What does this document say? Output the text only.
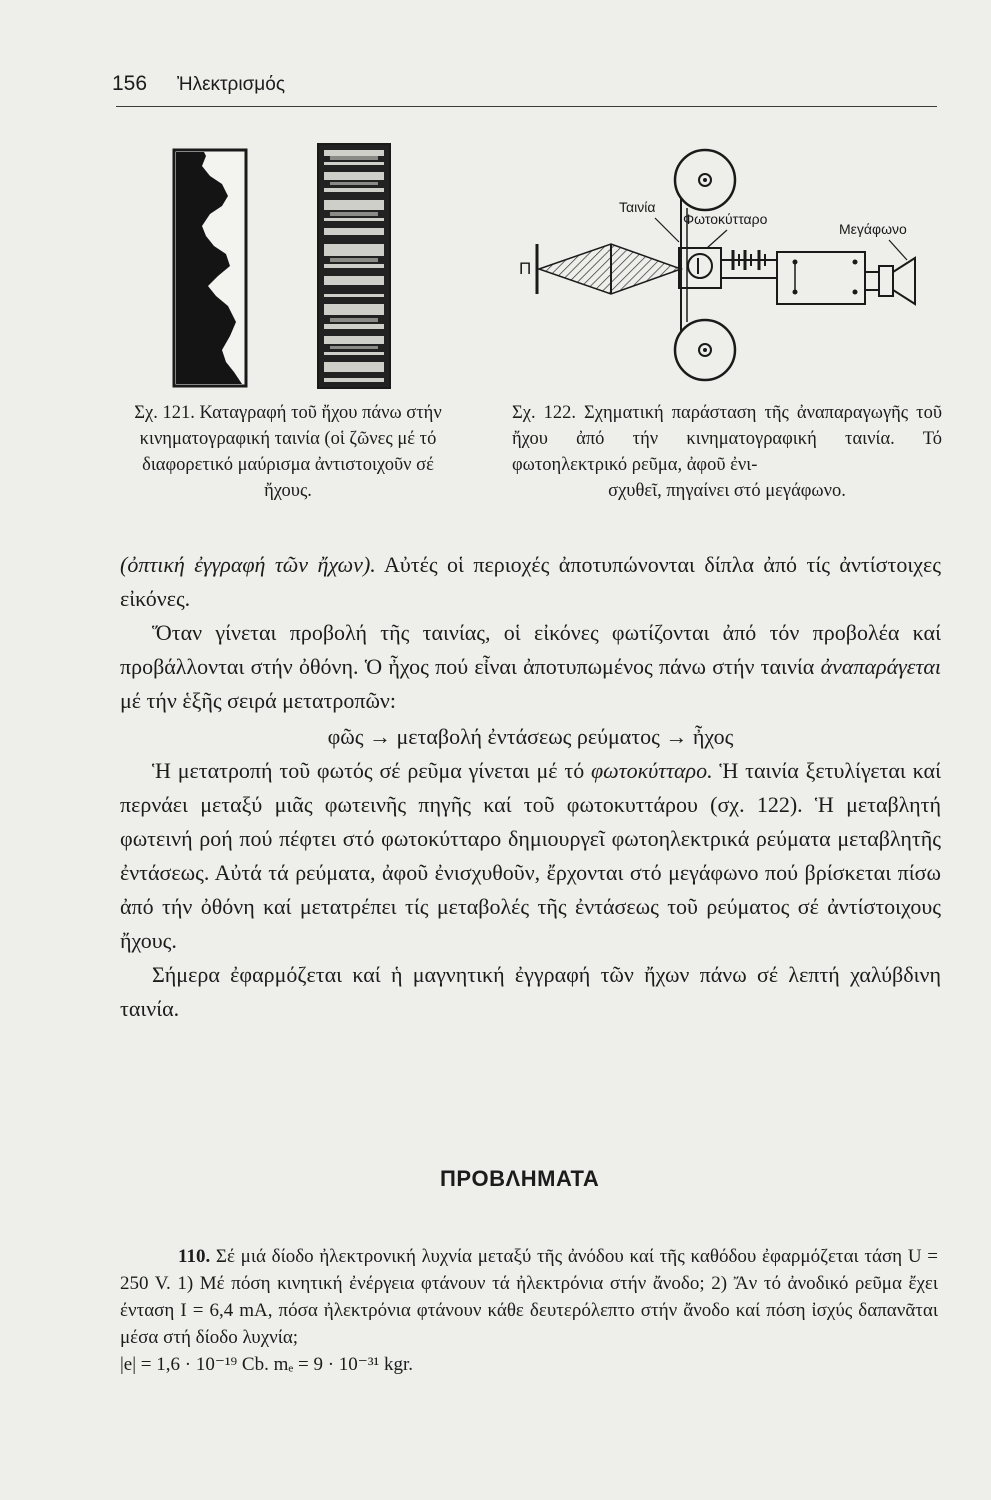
156 Ἠλεκτρισμός
Π
Ταινία
Φωτοκύτταρο
Μεγάφωνο
Σχ. 121. Καταγραφή τοῦ ἤχου πάνω στήν κινηματογραφική ταινία (οἱ ζῶνες μέ τό διαφορετικό μαύρισμα ἀντιστοιχοῦν σέ ἤχους.
Σχ. 122. Σχηματική παράσταση τῆς ἀναπαραγωγῆς τοῦ ἤχου ἀπό τήν κινηματογραφική ταινία. Τό φωτοηλεκτρικό ρεῦμα, ἀφοῦ ἐνι-
σχυθεῖ, πηγαίνει στό μεγάφωνο.

(ὀπτική ἐγγραφή τῶν ἤχων). Αὐτές οἱ περιοχές ἀποτυπώνονται δίπλα ἀπό τίς ἀντίστοιχες εἰκόνες.

Ὅταν γίνεται προβολή τῆς ταινίας, οἱ εἰκόνες φωτίζονται ἀπό τόν προβολέα καί προβάλλονται στήν ὀθόνη. Ὁ ἦχος πού εἶναι ἀποτυπωμένος πάνω στήν ταινία ἀναπαράγεται μέ τήν ἑξῆς σειρά μετατροπῶν:

φῶς → μεταβολή ἐντάσεως ρεύματος → ἦχος

Ἡ μετατροπή τοῦ φωτός σέ ρεῦμα γίνεται μέ τό φωτοκύτταρο. Ἡ ταινία ξετυλίγεται καί περνάει μεταξύ μιᾶς φωτεινῆς πηγῆς καί τοῦ φωτοκυττάρου (σχ. 122). Ἡ μεταβλητή φωτεινή ροή πού πέφτει στό φωτοκύτταρο δημιουργεῖ φωτοηλεκτρικά ρεύματα μεταβλητῆς ἐντάσεως. Αὐτά τά ρεύματα, ἀφοῦ ἐνισχυθοῦν, ἔρχονται στό μεγάφωνο πού βρίσκεται πίσω ἀπό τήν ὀθόνη καί μετατρέπει τίς μεταβολές τῆς ἐντάσεως τοῦ ρεύματος σέ ἀντίστοιχους ἤχους.

Σήμερα ἐφαρμόζεται καί ἡ μαγνητική ἐγγραφή τῶν ἤχων πάνω σέ λεπτή χαλύβδινη ταινία.

ΠΡΟΒΛΗΜΑΤΑ

110. Σέ μιά δίοδο ἠλεκτρονική λυχνία μεταξύ τῆς ἀνόδου καί τῆς καθόδου ἐφαρμόζεται τάση U = 250 V. 1) Μέ πόση κινητική ἐνέργεια φτάνουν τά ἠλεκτρόνια στήν ἄνοδο; 2) Ἄν τό ἀνοδικό ρεῦμα ἔχει ένταση I = 6,4 mA, πόσα ἠλεκτρόνια φτάνουν κάθε δευτερόλεπτο στήν ἄνοδο καί πόση ἰσχύς δαπανᾶται μέσα στή δίοδο λυχνία;

|e| = 1,6 · 10⁻¹⁹ Cb. mₑ = 9 · 10⁻³¹ kgr.
